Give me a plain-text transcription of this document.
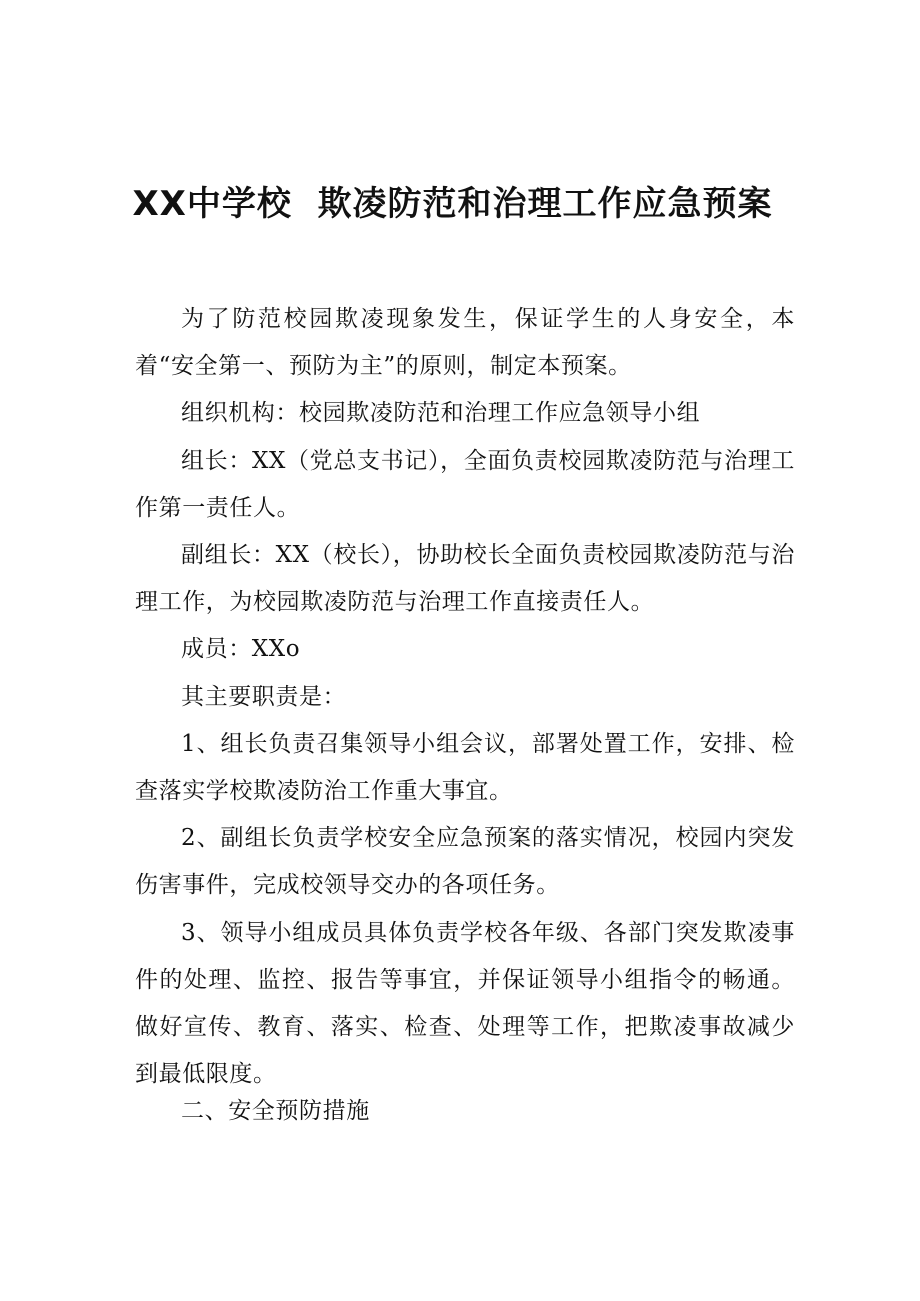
XX中学校  欺凌防范和治理工作应急预案

为了防范校园欺凌现象发生，保证学生的人身安全，本着“安全第一、预防为主”的原则，制定本预案。

组织机构：校园欺凌防范和治理工作应急领导小组

组长：XX（党总支书记），全面负责校园欺凌防范与治理工作第一责任人。

副组长：XX（校长），协助校长全面负责校园欺凌防范与治理工作，为校园欺凌防范与治理工作直接责任人。

成员：XXo

其主要职责是：

1、组长负责召集领导小组会议，部署处置工作，安排、检查落实学校欺凌防治工作重大事宜。

2、副组长负责学校安全应急预案的落实情况，校园内突发伤害事件，完成校领导交办的各项任务。

3、领导小组成员具体负责学校各年级、各部门突发欺凌事件的处理、监控、报告等事宜，并保证领导小组指令的畅通。做好宣传、教育、落实、检查、处理等工作，把欺凌事故减少到最低限度。

二、安全预防措施
